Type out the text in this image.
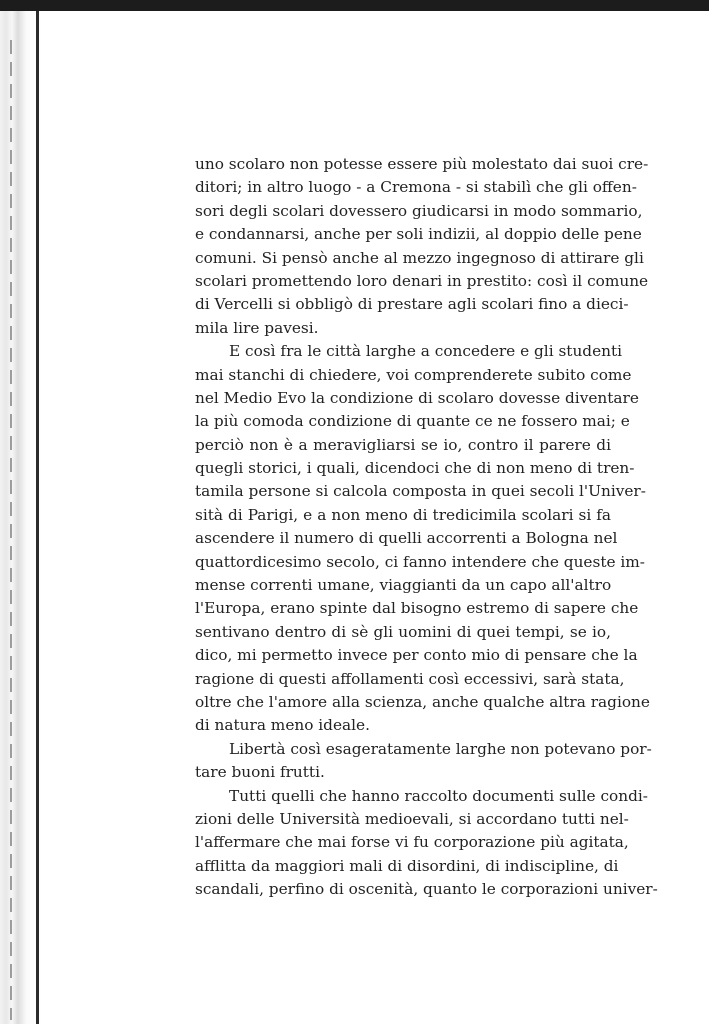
uno scolaro non potesse essere più molestato dai suoi cre-
ditori; in altro luogo - a Cremona - si stabilì che gli offen-
sori degli scolari dovessero giudicarsi in modo sommario,
e condannarsi, anche per soli indizii, al doppio delle pene
comuni. Si pensò anche al mezzo ingegnoso di attirare gli
scolari promettendo loro denari in prestito: così il comune
di Vercelli si obbligò di prestare agli scolari fino a dieci-
mila lire pavesi.
E così fra le città larghe a concedere e gli studenti
mai stanchi di chiedere, voi comprenderete subito come
nel Medio Evo la condizione di scolaro dovesse diventare
la più comoda condizione di quante ce ne fossero mai; e
perciò non è a meravigliarsi se io, contro il parere di
quegli storici, i quali, dicendoci che di non meno di tren-
tamila persone si calcola composta in quei secoli l'Univer-
sità di Parigi, e a non meno di tredicimila scolari si fa
ascendere il numero di quelli accorrenti a Bologna nel
quattordicesimo secolo, ci fanno intendere che queste im-
mense correnti umane, viaggianti da un capo all'altro
l'Europa, erano spinte dal bisogno estremo di sapere che
sentivano dentro di sè gli uomini di quei tempi, se io,
dico, mi permetto invece per conto mio di pensare che la
ragione di questi affollamenti così eccessivi, sarà stata,
oltre che l'amore alla scienza, anche qualche altra ragione
di natura meno ideale.
Libertà così esageratamente larghe non potevano por-
tare buoni frutti.
Tutti quelli che hanno raccolto documenti sulle condi-
zioni delle Università medioevali, si accordano tutti nel-
l'affermare che mai forse vi fu corporazione più agitata,
afflitta da maggiori mali di disordini, di indiscipline, di
scandali, perfino di oscenità, quanto le corporazioni univer-
